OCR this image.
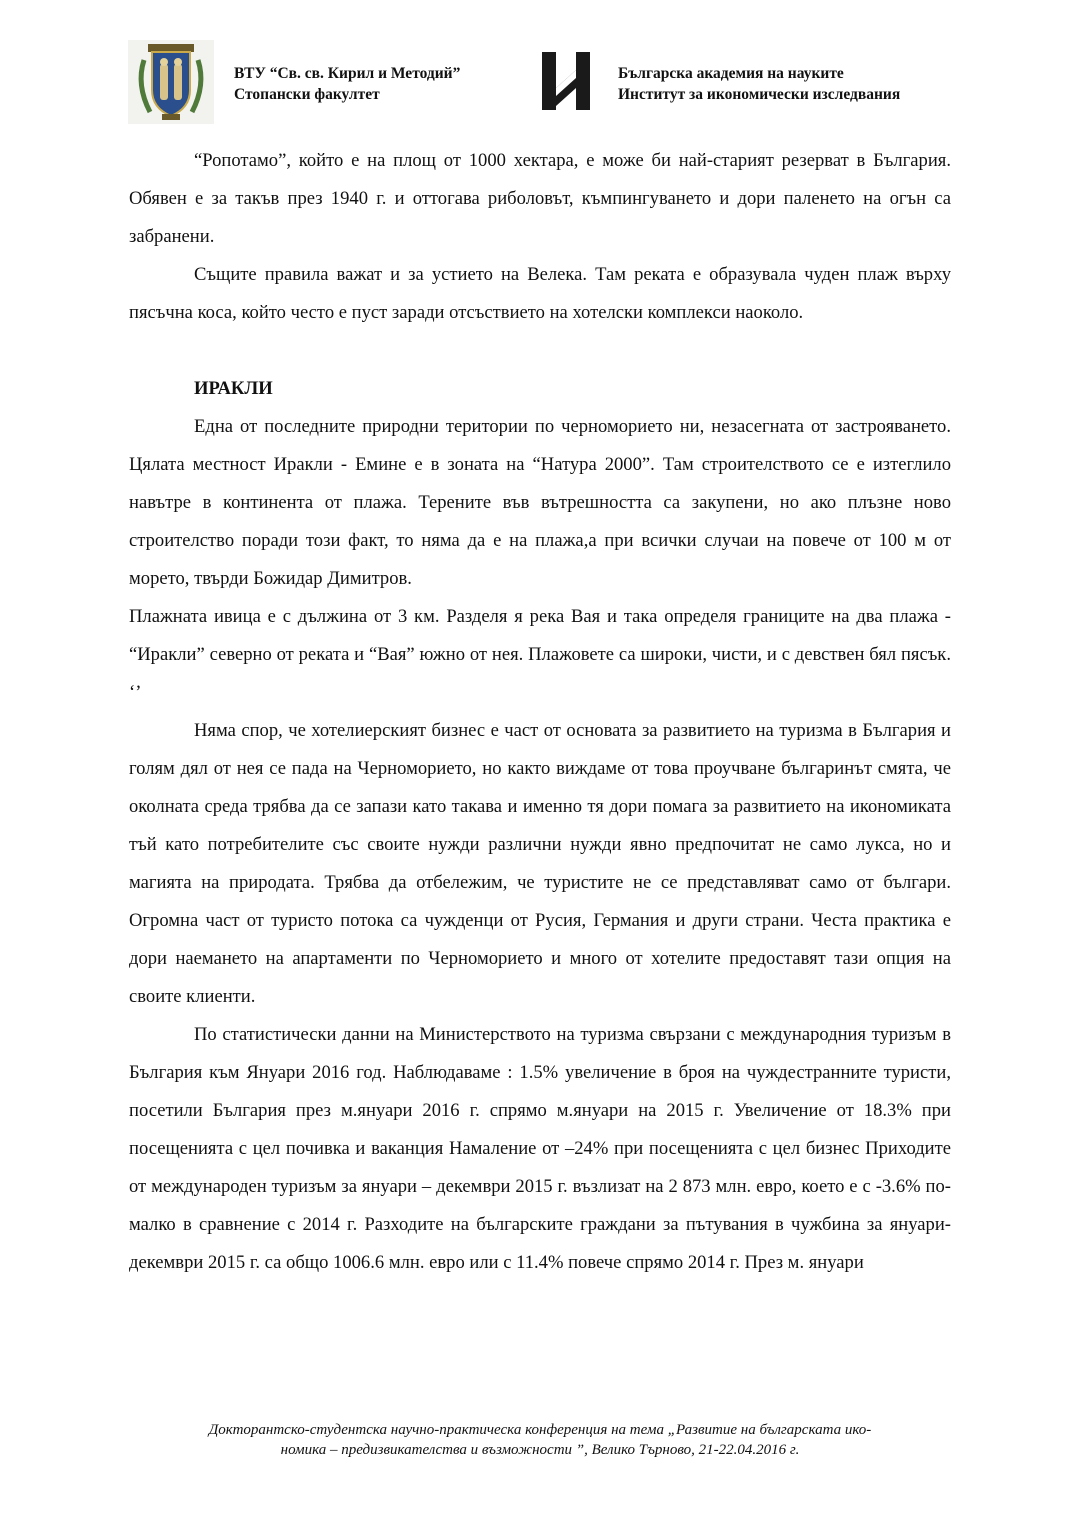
ВТУ “Св. св. Кирил и Методий”
Стопански факултет
Българска академия на науките
Институт за икономически изследвания

“Ропотамо”, който е на площ от 1000 хектара, е може би най-старият резерват в България. Обявен е за такъв през 1940 г. и оттогава риболовът, къмпингуването и дори паленето на огън са забранени.

Същите правила важат и за устието на Велека. Там реката е образувала чуден плаж върху пясъчна коса, който често е пуст заради отсъствието на хотелски комплекси наоколо.

ИРАКЛИ

Една от последните природни територии по черноморието ни, незасегната от застрояването. Цялата местност Иракли - Емине е в зоната на “Натура 2000”. Там строителството се е изтеглило навътре в континента от плажа. Терените във вътрешността са закупени, но ако плъзне ново строителство поради този факт, то няма да е на плажа,а при всички случаи на повече от 100 м от морето, твърди Божидар Димитров.

Плажната ивица е с дължина от 3 км. Разделя я река Вая и така определя границите на два плажа - “Иракли” северно от реката и “Вая” южно от нея. Плажовете са широки, чисти, и с девствен бял пясък. ‘’

Няма спор, че хотелиерският бизнес е част от основата за развитието на туризма в България и голям дял от нея се пада на Черноморието, но както виждаме от това проучване българинът смята, че околната среда трябва да се запази като такава и именно тя дори помага за развитието на икономиката тъй като потребителите със своите нужди различни нужди явно предпочитат не само лукса, но и магията на природата. Трябва да отбележим, че туристите не се представляват само от българи. Огромна част от туристо потока са чужденци от Русия, Германия и други страни. Честа практика е дори наемането на апартаменти по Черноморието и много от хотелите предоставят тази опция на своите клиенти.

По статистически данни на Министерството на туризма свързани с международния туризъм в България към Януари 2016 год. Наблюдаваме : 1.5% увеличение в броя на чуждестранните туристи, посетили България през м.януари 2016 г. спрямо м.януари на 2015 г. Увеличение от 18.3% при посещенията с цел почивка и ваканция Намаление от –24% при посещенията с цел бизнес Приходите от международен туризъм за януари – декември 2015 г. възлизат на 2 873 млн. евро, което е с -3.6% по-малко в сравнение с 2014 г. Разходите на българските граждани за пътувания в чужбина за януари-декември 2015 г. са общо 1006.6 млн. евро или с 11.4% повече спрямо 2014 г. През м. януари

Докторантско-студентска научно-практическа конференция на тема „Развитие на българската ико-
номика – предизвикателства и възможности ”, Велико Търново, 21-22.04.2016 г.
